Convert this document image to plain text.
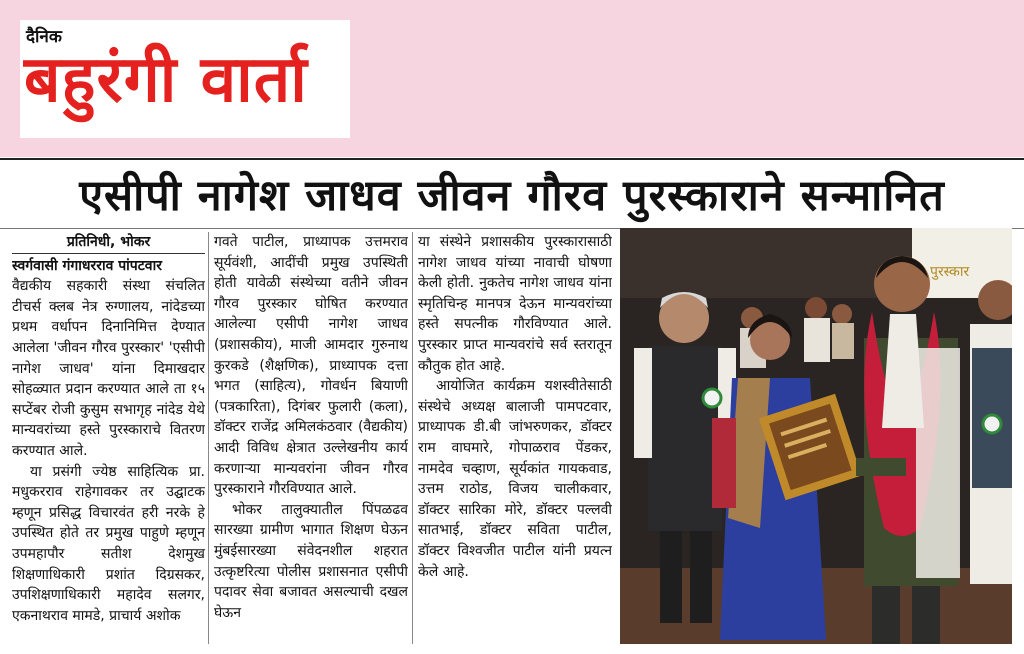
दैनिक
बहुरंगी वार्ता
एसीपी नागेश जाधव जीवन गौरव पुरस्काराने सन्मानित
प्रतिनिधी, भोकर

स्वर्गवासी गंगाधरराव पांपटवार

वैद्यकीय सहकारी संस्था संचलित टीचर्स क्लब नेत्र रुग्णालय, नांदेडच्या प्रथम वर्धापन दिनानिमित्त देण्यात आलेला 'जीवन गौरव पुरस्कार' 'एसीपी नागेश जाधव' यांना दिमाखदार सोहळ्यात प्रदान करण्यात आले ता १५ सप्टेंबर रोजी कुसुम सभागृह नांदेड येथे मान्यवरांच्या हस्ते पुरस्काराचे वितरण करण्यात आले.

या प्रसंगी ज्येष्ठ साहित्यिक प्रा. मधुकरराव राहेगावकर तर उद्घाटक म्हणून प्रसिद्ध विचारवंत हरी नरके हे उपस्थित होते तर प्रमुख पाहुणे म्हणून उपमहापौर सतीश देशमुख शिक्षणाधिकारी प्रशांत दिग्रसकर, उपशिक्षणाधिकारी महादेव सलगर, एकनाथराव मामडे, प्राचार्य अशोक

गवते पाटील, प्राध्यापक उत्तमराव सूर्यवंशी, आदींची प्रमुख उपस्थिती होती यावेळी संस्थेच्या वतीने जीवन गौरव पुरस्कार घोषित करण्यात आलेल्या एसीपी नागेश जाधव (प्रशासकीय), माजी आमदार गुरुनाथ कुरकडे (शैक्षणिक), प्राध्यापक दत्ता भगत (साहित्य), गोवर्धन बियाणी (पत्रकारिता), दिगंबर फुलारी (कला), डॉक्टर राजेंद्र अमिलकंठवार (वैद्यकीय) आदी विविध क्षेत्रात उल्लेखनीय कार्य करणाऱ्या मान्यवरांना जीवन गौरव पुरस्काराने गौरविण्यात आले.

भोकर तालुक्यातील पिंपळढव सारख्या ग्रामीण भागात शिक्षण घेऊन मुंबईसारख्या संवेदनशील शहरात उत्कृष्टरित्या पोलीस प्रशासनात एसीपी पदावर सेवा बजावत असल्याची दखल घेऊन

या संस्थेने प्रशासकीय पुरस्कारासाठी नागेश जाधव यांच्या नावाची घोषणा केली होती. नुकतेच नागेश जाधव यांना स्मृतिचिन्ह मानपत्र देऊन मान्यवरांच्या हस्ते सपत्नीक गौरविण्यात आले. पुरस्कार प्राप्त मान्यवरांचे सर्व स्तरातून कौतुक होत आहे.

आयोजित कार्यक्रम यशस्वीतेसाठी संस्थेचे अध्यक्ष बालाजी पामपटवार, प्राध्यापक डी.बी जांभरुणकर, डॉक्टर राम वाघमारे, गोपाळराव पेंडकर, नामदेव चव्हाण, सूर्यकांत गायकवाड, उत्तम राठोड, विजय चालीकवार, डॉक्टर सारिका मोरे, डॉक्टर पल्लवी सातभाई, डॉक्टर सविता पाटील, डॉक्टर विश्वजीत पाटील यांनी प्रयत्न केले आहे.

पुरस्कार
